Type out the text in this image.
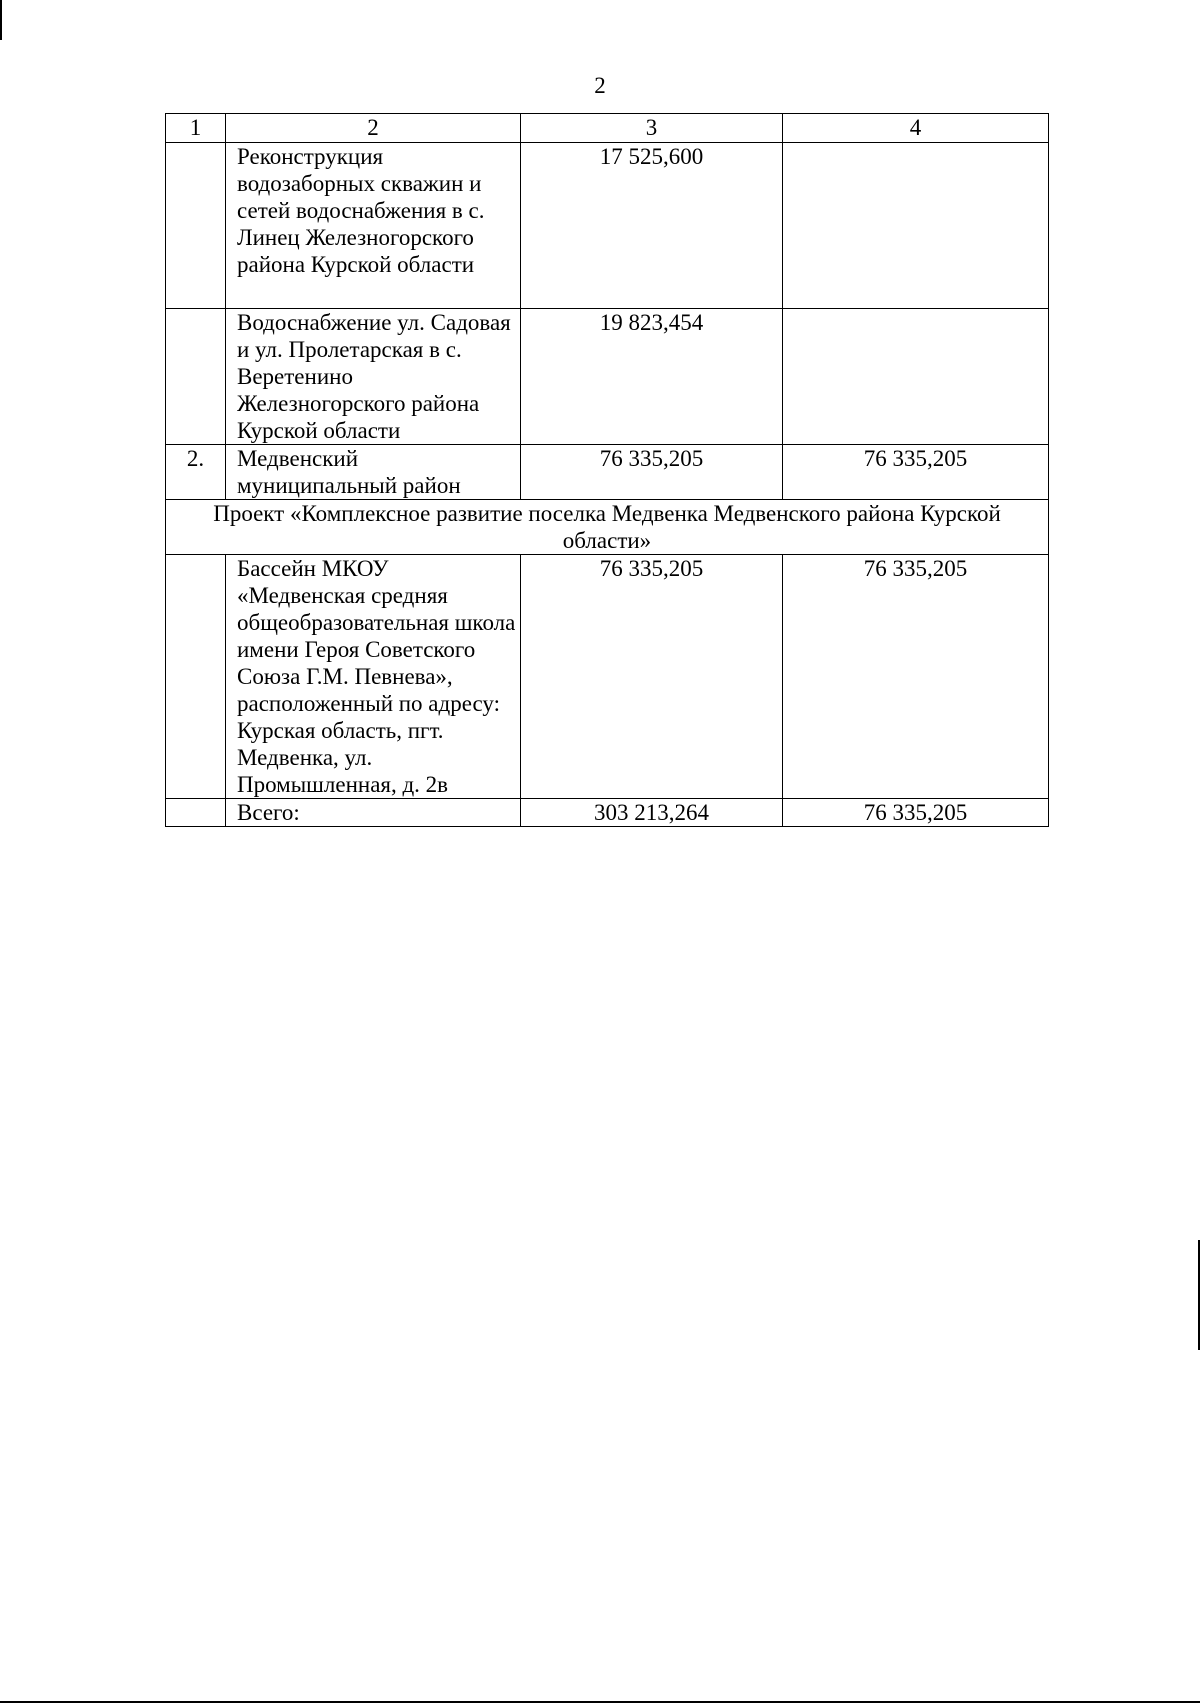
2
1	2	3	4
	Реконструкция водозаборных скважин и сетей водоснабжения в с. Линец Железногорского района Курской области	17 525,600	
	Водоснабжение ул. Садовая и ул. Пролетарская в с. Веретенино Железногорского района Курской области	19 823,454	
2.	Медвенский муниципальный район	76 335,205	76 335,205
Проект «Комплексное развитие поселка Медвенка Медвенского района Курской области»			
	Бассейн МКОУ «Медвенская средняя общеобразовательная школа имени Героя Советского Союза Г.М. Певнева», расположенный по адресу: Курская область, пгт. Медвенка, ул. Промышленная, д. 2в	76 335,205	76 335,205
	Всего:	303 213,264	76 335,205
